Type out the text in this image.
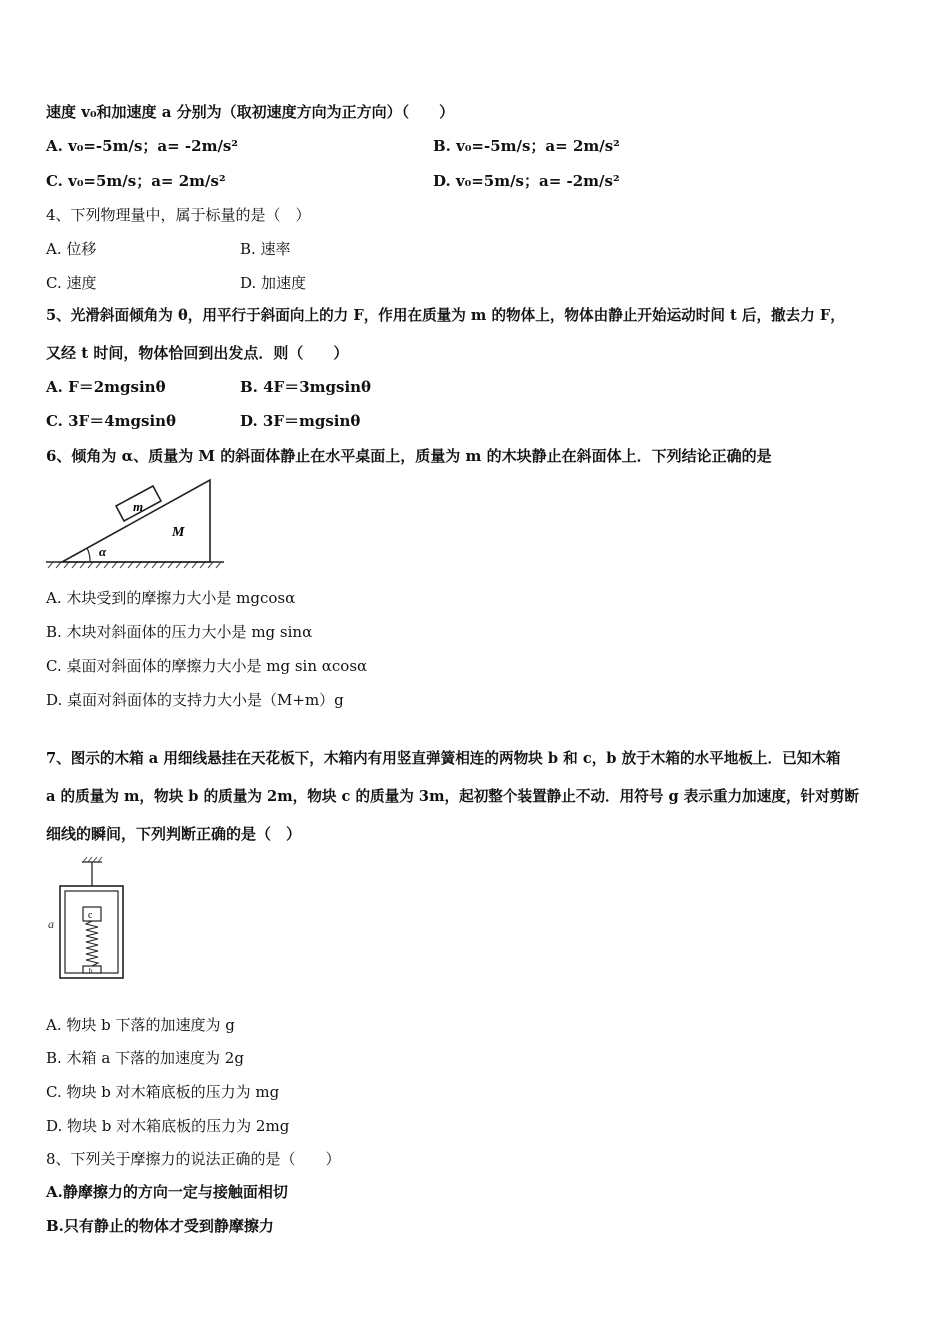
速度 v₀和加速度 a 分别为（取初速度方向为正方向）（　　）
A. v₀=-5m/s；a= -2m/s²	B. v₀=-5m/s；a= 2m/s²
C. v₀=5m/s；a= 2m/s²	D. v₀=5m/s；a= -2m/s²
4、下列物理量中，属于标量的是（　）
A. 位移	B. 速率
C. 速度	D. 加速度
5、光滑斜面倾角为 θ，用平行于斜面向上的力 F，作用在质量为 m 的物体上，物体由静止开始运动时间 t 后，撤去力 F，
又经 t 时间，物体恰回到出发点．则（　　）
A. F＝2mgsinθ	B. 4F＝3mgsinθ
C. 3F＝4mgsinθ	D. 3F＝mgsinθ
6、倾角为 α、质量为 M 的斜面体静止在水平桌面上，质量为 m 的木块静止在斜面体上．下列结论正确的是
m
M
α
A. 木块受到的摩擦力大小是 mgcosα
B. 木块对斜面体的压力大小是 mg sinα
C. 桌面对斜面体的摩擦力大小是 mg sin αcosα
D. 桌面对斜面体的支持力大小是（M+m）g
7、图示的木箱 a 用细线悬挂在天花板下，木箱内有用竖直弹簧相连的两物块 b 和 c，b 放于木箱的水平地板上．已知木箱
a 的质量为 m，物块 b 的质量为 2m，物块 c 的质量为 3m，起初整个装置静止不动．用符号 g 表示重力加速度，针对剪断
细线的瞬间，下列判断正确的是（　）
c
b
a
A. 物块 b 下落的加速度为 g
B. 木箱 a 下落的加速度为 2g
C. 物块 b 对木箱底板的压力为 mg
D. 物块 b 对木箱底板的压力为 2mg
8、下列关于摩擦力的说法正确的是（　　）
A.静摩擦力的方向一定与接触面相切
B.只有静止的物体才受到静摩擦力
